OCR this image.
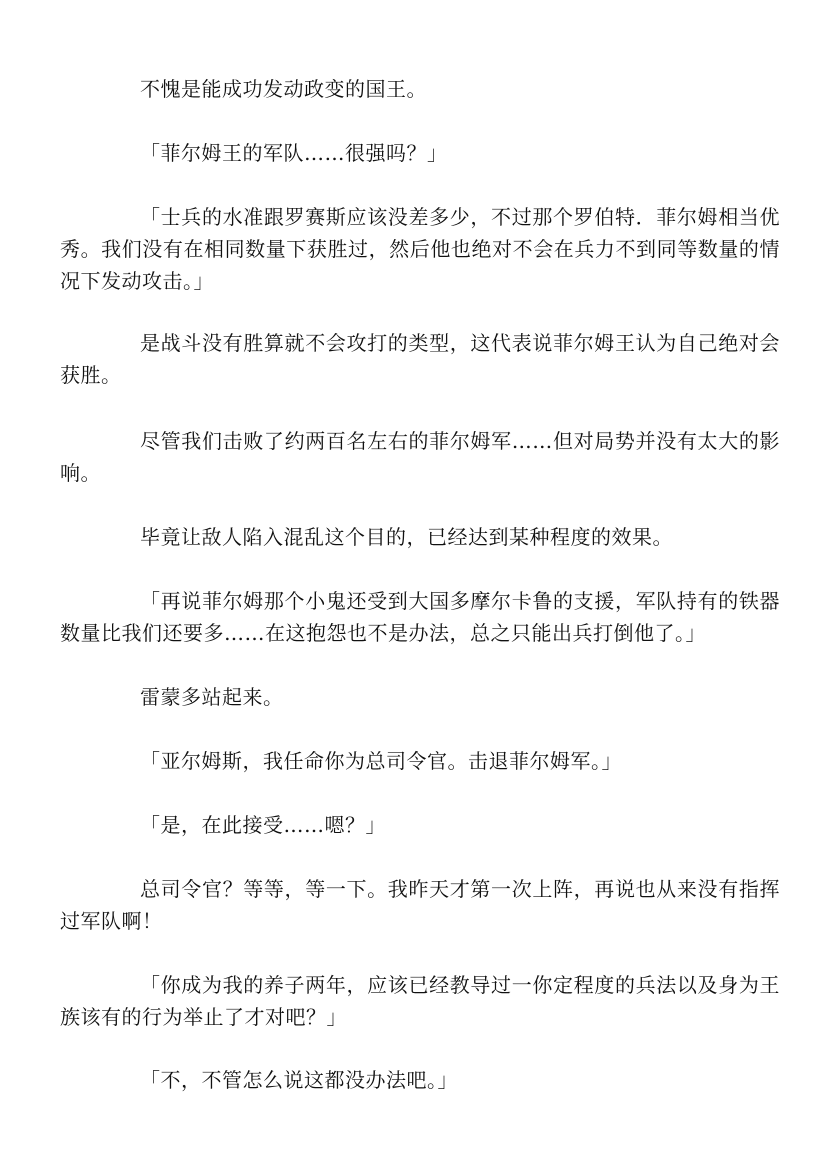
不愧是能成功发动政变的国王。

「菲尔姆王的军队……很强吗？」

「士兵的水准跟罗赛斯应该没差多少，不过那个罗伯特．菲尔姆相当优秀。我们没有在相同数量下获胜过，然后他也绝对不会在兵力不到同等数量的情况下发动攻击。」

是战斗没有胜算就不会攻打的类型，这代表说菲尔姆王认为自己绝对会获胜。

尽管我们击败了约两百名左右的菲尔姆军……但对局势并没有太大的影响。

毕竟让敌人陷入混乱这个目的，已经达到某种程度的效果。

「再说菲尔姆那个小鬼还受到大国多摩尔卡鲁的支援，军队持有的铁器数量比我们还要多……在这抱怨也不是办法，总之只能出兵打倒他了。」

雷蒙多站起来。

「亚尔姆斯，我任命你为总司令官。击退菲尔姆军。」

「是，在此接受……嗯？」

总司令官？等等，等一下。我昨天才第一次上阵，再说也从来没有指挥过军队啊！

「你成为我的养子两年，应该已经教导过一你定程度的兵法以及身为王族该有的行为举止了才对吧？」

「不，不管怎么说这都没办法吧。」
